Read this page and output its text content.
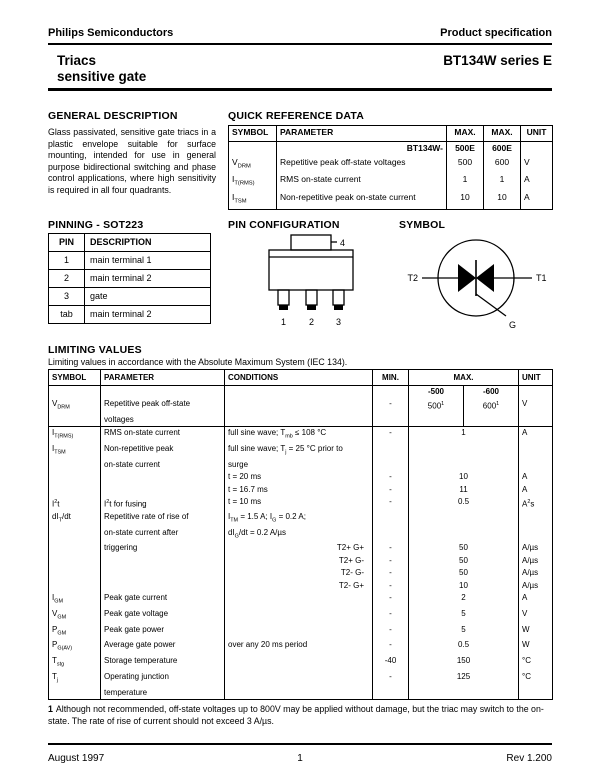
Philips Semiconductors	Product specification
Triacs
sensitive gate
BT134W series E
GENERAL DESCRIPTION
Glass passivated, sensitive gate triacs in a plastic envelope suitable for surface mounting, intended for use in general purpose bidirectional switching and phase control applications, where high sensitivity is required in all four quadrants.
QUICK REFERENCE DATA
SYMBOL	PARAMETER	MAX.	MAX.	UNIT
	BT134W-	500E	600E	
$V_{DRM}$	Repetitive peak off-state voltages	500	600	V
$I_{T(RMS)}$	RMS on-state current	1	1	A
$I_{TSM}$	Non-repetitive peak on-state current	10	10	A
PINNING - SOT223
PIN	DESCRIPTION
1	main terminal 1
2	main terminal 2
3	gate
tab	main terminal 2
PIN CONFIGURATION
4
1	2 3
SYMBOL
T2	T1
G
LIMITING VALUES
Limiting values in accordance with the Absolute Maximum System (IEC 134).
SYMBOL	PARAMETER	CONDITIONS	MIN.	MAX.		UNIT
				-500	-600	
$V_{DRM}$	Repetitive peak off-state		-	$500^1$	$600^1$	V
	voltages					
$I_{T(RMS)}$	RMS on-state current	full sine wave; $T_{mb} \le 108$ °C	-	1		A
$I_{TSM}$	Non-repetitive peak	full sine wave; $T_j = 25$ °C prior to				
	on-state current	surge				
		t = 20 ms	-	10		A
		t = 16.7 ms	-	11		A
$I^2t$	$I^2t$ for fusing	t = 10 ms	-	0.5		$A^2s$
$dI_T/dt$	Repetitive rate of rise of	$I_{TM} = 1.5$ A; $I_G = 0.2$ A;				
	on-state current after	$dI_G/dt = 0.2$ A/µs				
	triggering	T2+ G+	-	50		A/µs
		T2+ G-	-	50		A/µs
		T2- G-	-	50		A/µs
		T2- G+	-	10		A/µs
$I_{GM}$	Peak gate current		-	2		A
$V_{GM}$	Peak gate voltage		-	5		V
$P_{GM}$	Peak gate power		-	5		W
$P_{G(AV)}$	Average gate power	over any 20 ms period	-	0.5		W
$T_{stg}$	Storage temperature		-40	150		°C
$T_j$	Operating junction		-	125		°C
	temperature					
1 Although not recommended, off-state voltages up to 800V may be applied without damage, but the triac may switch to the on-state. The rate of rise of current should not exceed 3 A/µs.
August 1997	1	Rev 1.200
